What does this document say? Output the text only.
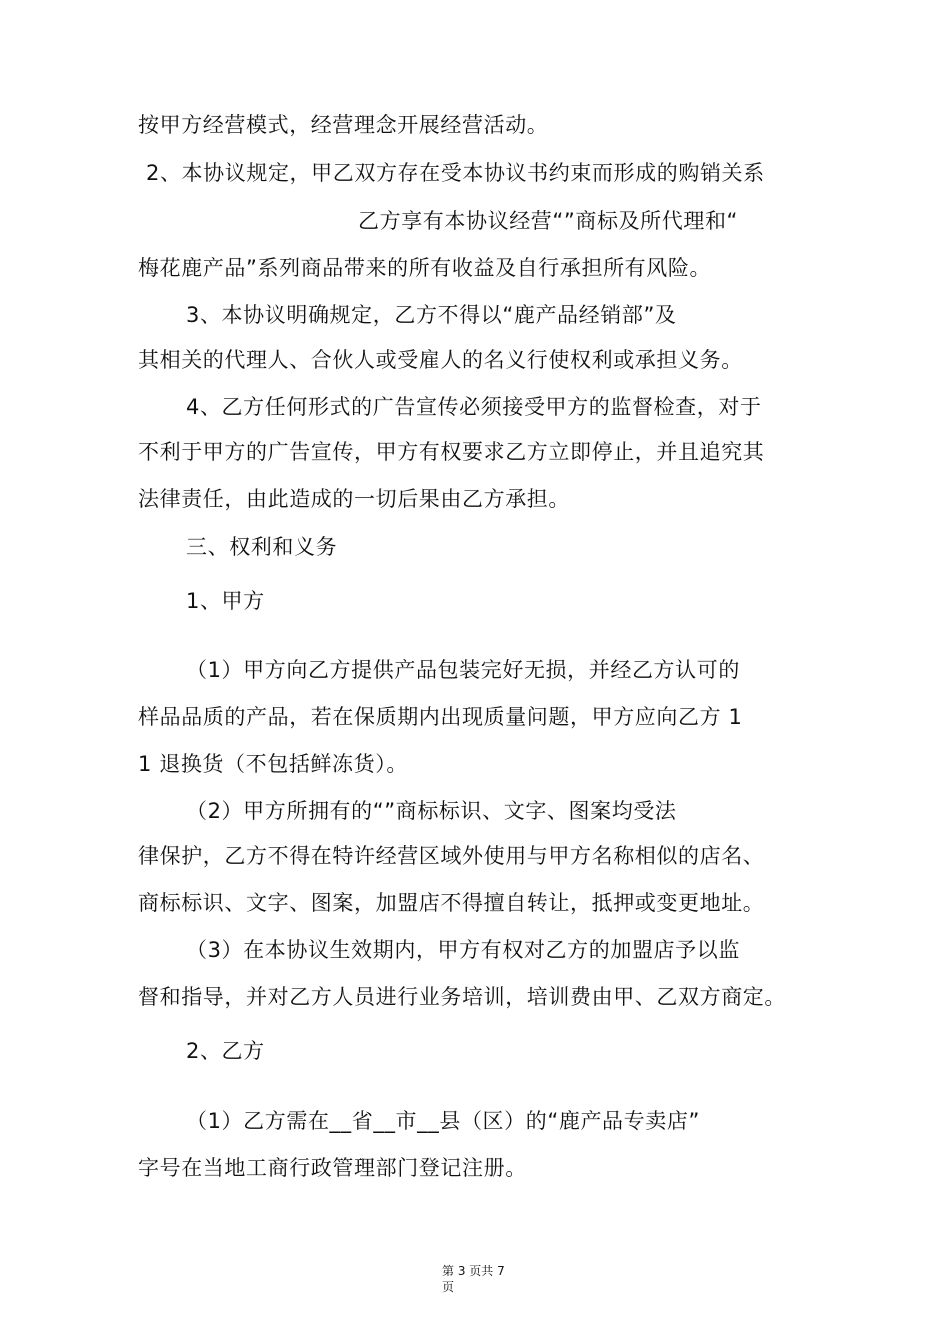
按甲方经营模式，经营理念开展经营活动。
2、本协议规定，甲乙双方存在受本协议书约束而形成的购销关系
乙方享有本协议经营“”商标及所代理和“
梅花鹿产品”系列商品带来的所有收益及自行承担所有风险。
3、本协议明确规定，乙方不得以“鹿产品经销部”及
其相关的代理人、合伙人或受雇人的名义行使权利或承担义务。
4、乙方任何形式的广告宣传必须接受甲方的监督检查，对于
不利于甲方的广告宣传，甲方有权要求乙方立即停止，并且追究其
法律责任，由此造成的一切后果由乙方承担。
三、权利和义务
1、甲方
（1）甲方向乙方提供产品包装完好无损，并经乙方认可的
样品品质的产品，若在保质期内出现质量问题，甲方应向乙方 1
1 退换货（不包括鲜冻货）。
（2）甲方所拥有的“”商标标识、文字、图案均受法
律保护，乙方不得在特许经营区域外使用与甲方名称相似的店名、
商标标识、文字、图案，加盟店不得擅自转让，抵押或变更地址。
（3）在本协议生效期内，甲方有权对乙方的加盟店予以监
督和指导，并对乙方人员进行业务培训，培训费由甲、乙双方商定。
2、乙方
（1）乙方需在__省__市__县（区）的“鹿产品专卖店”
字号在当地工商行政管理部门登记注册。
第 3 页共 7
页
